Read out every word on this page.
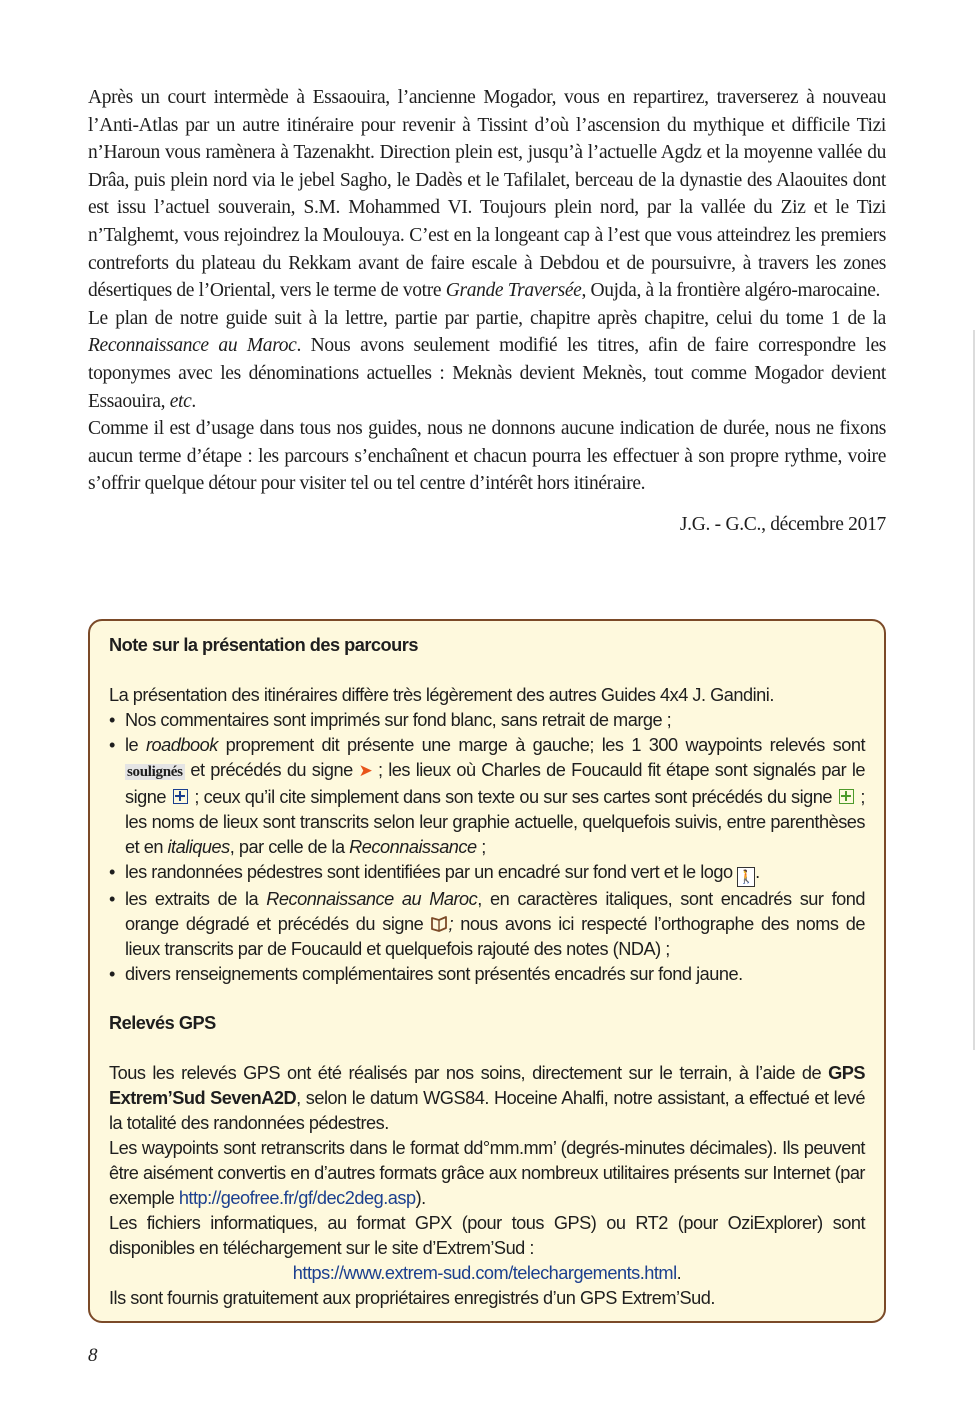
Après un court intermède à Essaouira, l’ancienne Mogador, vous en repartirez, traverserez à nouveau l’Anti-Atlas par un autre itinéraire pour revenir à Tissint d’où l’ascension du mythique et difficile Tizi n’Haroun vous ramènera à Tazenakht. Direction plein est, jusqu’à l’actuelle Agdz et la moyenne vallée du Drâa, puis plein nord via le jebel Sagho, le Dadès et le Tafilalet, berceau de la dynastie des Alaouites dont est issu l’actuel souverain, S.M. Mohammed VI. Toujours plein nord, par la vallée du Ziz et le Tizi n’Talghemt, vous rejoindrez la Moulouya. C’est en la longeant cap à l’est que vous atteindrez les premiers contreforts du plateau du Rekkam avant de faire escale à Debdou et de poursuivre, à travers les zones désertiques de l’Oriental, vers le terme de votre Grande Traversée, Oujda, à la frontière algéro-marocaine.

Le plan de notre guide suit à la lettre, partie par partie, chapitre après chapitre, celui du tome 1 de la Reconnaissance au Maroc. Nous avons seulement modifié les titres, afin de faire correspondre les toponymes avec les dénominations actuelles : Meknàs devient Meknès, tout comme Mogador devient Essaouira, etc.

Comme il est d’usage dans tous nos guides, nous ne donnons aucune indication de durée, nous ne fixons aucun terme d’étape : les parcours s’enchaînent et chacun pourra les effectuer à son propre rythme, voire s’offrir quelque détour pour visiter tel ou tel centre d’intérêt hors itinéraire.

J.G. - G.C., décembre 2017
Note sur la présentation des parcours

La présentation des itinéraires diffère très légèrement des autres Guides 4x4 J. Gandini.

• Nos commentaires sont imprimés sur fond blanc, sans retrait de marge ;
• le roadbook proprement dit présente une marge à gauche; les 1 300 waypoints relevés sont soulignés et précédés du signe ➤ ; les lieux où Charles de Foucauld fit étape sont signalés par le signe  ; ceux qu’il cite simplement dans son texte ou sur ses cartes sont précédés du signe  ; les noms de lieux sont transcrits selon leur graphie actuelle, quelquefois suivis, entre parenthèses et en italiques, par celle de la Reconnaissance ;
• les randonnées pédestres sont identifiées par un encadré sur fond vert et le logo 🚶.
• les extraits de la Reconnaissance au Maroc, en caractères italiques, sont encadrés sur fond orange dégradé et précédés du signe ; nous avons ici respecté l’orthographe des noms de lieux transcrits par de Foucauld et quelquefois rajouté des notes (NDA) ;
• divers renseignements complémentaires sont présentés encadrés sur fond jaune.
Relevés GPS

Tous les relevés GPS ont été réalisés par nos soins, directement sur le terrain, à l’aide de GPS Extrem’Sud SevenA2D, selon le datum WGS84. Hoceine Ahalfi, notre assistant, a effectué et levé la totalité des randonnées pédestres.

Les waypoints sont retranscrits dans le format dd°mm.mm’ (degrés-minutes décimales). Ils peuvent être aisément convertis en d’autres formats grâce aux nombreux utilitaires présents sur Internet (par exemple http://geofree.fr/gf/dec2deg.asp).

Les fichiers informatiques, au format GPX (pour tous GPS) ou RT2 (pour OziExplorer) sont disponibles en téléchargement sur le site d’Extrem’Sud :

https://www.extrem-sud.com/telechargements.html.

Ils sont fournis gratuitement aux propriétaires enregistrés d’un GPS Extrem’Sud.

8
